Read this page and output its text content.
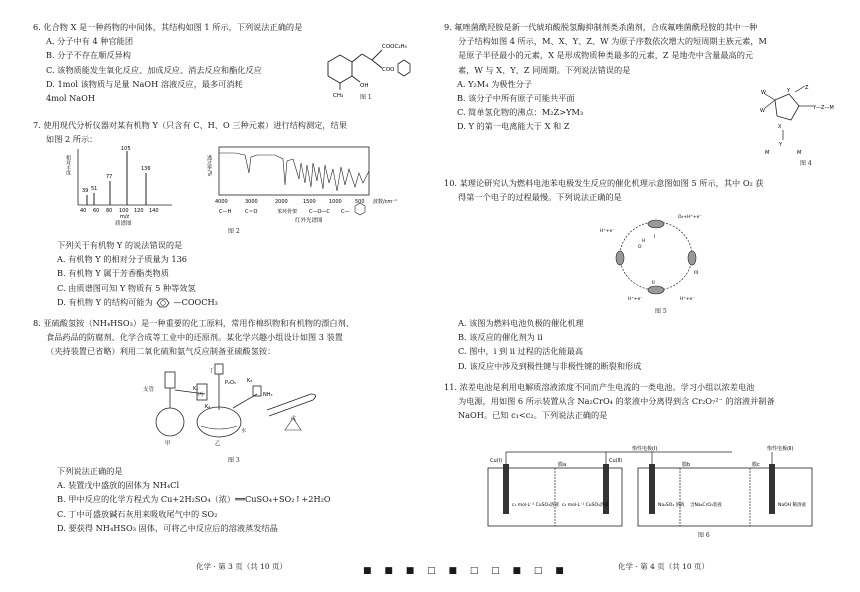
6. 化合物 X 是一种药物的中间体，其结构如图 1 所示，下列说法正确的是

A. 分子中有 4 种官能团

B. 分子不存在顺反异构

C. 该物质能发生氧化反应、加成反应、消去反应和酯化反应

D. 1mol 该物质与足量 NaOH 溶液反应，最多可消耗

4mol NaOH

COOC₂H₅
COO
OH
CH₃	图 1

7. 使用现代分析仪器对某有机物 Y（只含有 C、H、O 三种元素）进行结构测定，结果

如图 2 所示：

相对丰度
39 51
77
105
136
40 60 80 100 120 140
m/z
质谱图
透过率/%
4000	3000	2000	1500	1000	500 波数/cm⁻¹
C—H	C＝O	苯环骨架 C—O—C C—
红外光谱图
图 2

下列关于有机物 Y 的说法错误的是

A. 有机物 Y 的相对分子质量为 136

B. 有机物 Y 属于芳香酯类物质

C. 由质谱图可知 Y 物质有 5 种等效氢

D. 有机物 Y 的结构可能为	—COOCH₃

8. 亚硫酸氢铵（NH₄HSO₃）是一种重要的化工原料，常用作棉织物和有机物的漂白剂、

食品药品的防腐剂、化学合成等工业中的还原剂。某化学兴趣小组设计如图 3 装置

（夹持装置已省略）利用二氧化硫和氨气反应制备亚硫酸氢铵：

支管
甲
K₁
丙
丁
水
乙
K₂
P₂O₅ K₃
NH₃
戊
图 3

下列说法正确的是

A. 装置戊中盛放的固体为 NH₄Cl

B. 甲中反应的化学方程式为 Cu+2H₂SO₄（浓）══CuSO₄+SO₂↑+2H₂O

C. 丁中可盛放碱石灰用来吸收尾气中的 SO₂

D. 要获得 NH₄HSO₃ 固体，可将乙中反应后的溶液蒸发结晶

化学 · 第 3 页（共 10 页）	■ ■ ■ □ ■ □ □ ■ □ ■

9. 氟唑菌酰羟胺是新一代琥珀酸脱氢酶抑制剂类杀菌剂，合成氟唑菌酰羟胺的其中一种

分子结构如图 4 所示，M、X、Y、Z、W 为原子序数依次增大的短周期主族元素，M

是原子半径最小的元素，X 是形成物质种类最多的元素，Z 是地壳中含量最高的元

素，W 与 X、Y、Z 同周期。下列说法错误的是

A. Y₂M₄ 为极性分子

B. 该分子中所有原子可能共平面

C. 简单氢化物的沸点：M₂Z>YM₃

D. Y 的第一电离能大于 X 和 Z

W
W
Y
Y—Z—M
Z
X
Y
M	M
图 4

10. 某理论研究认为燃料电池苯电极发生反应的催化机理示意图如图 5 所示，其中 O₂ 获

得第一个电子的过程最慢。下列说法正确的是

H⁺+e⁻
O₂+H⁺+e⁻
i
ii
iii
H⁺+e⁻	H⁺+e⁻
O
H
图 5

A. 该图为燃料电池负极的催化机理

B. 该反应的催化剂为 ii

C. 图中，i 到 ii 过程的活化能最高

D. 该反应中涉及到极性键与非极性键的断裂和形成

11. 浓差电池是利用电解质溶液浓度不同而产生电流的一类电池。学习小组以浓差电池

为电源，用如图 6 所示装置从含 Na₂CrO₄ 的浆液中分离得到含 Cr₂O₇²⁻ 的溶液并制备

NaOH。已知 c₁<c₂。下列说法正确的是

Cu(Ⅰ)	Cu(Ⅱ)
膜a
c₁ mol·L⁻¹ CuSO₄溶液 c₂ mol·L⁻¹ CuSO₄溶液
惰性电极(Ⅰ)	惰性电极(Ⅱ)
膜b	膜c
Na₂SO₄ 溶液 含Na₂CrO₄浆液	NaOH 稀溶液
图 6
化学 · 第 4 页（共 10 页）
